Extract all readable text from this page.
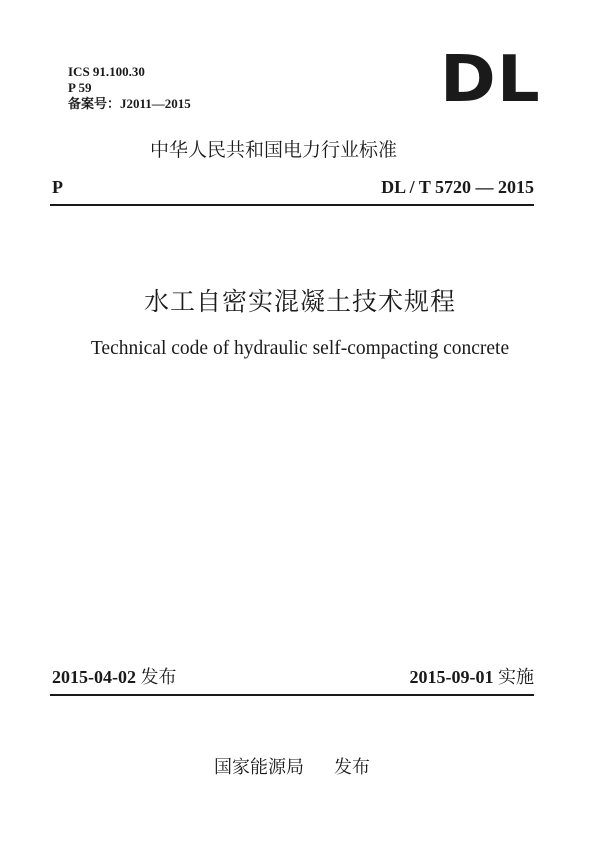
ICS 91.100.30
P 59
备案号：J2011—2015	DL
中华人民共和国电力行业标准
P	DL / T 5720 — 2015
水工自密实混凝土技术规程
Technical code of hydraulic self-compacting concrete
2015-04-02 发布	2015-09-01 实施
国家能源局 发布
